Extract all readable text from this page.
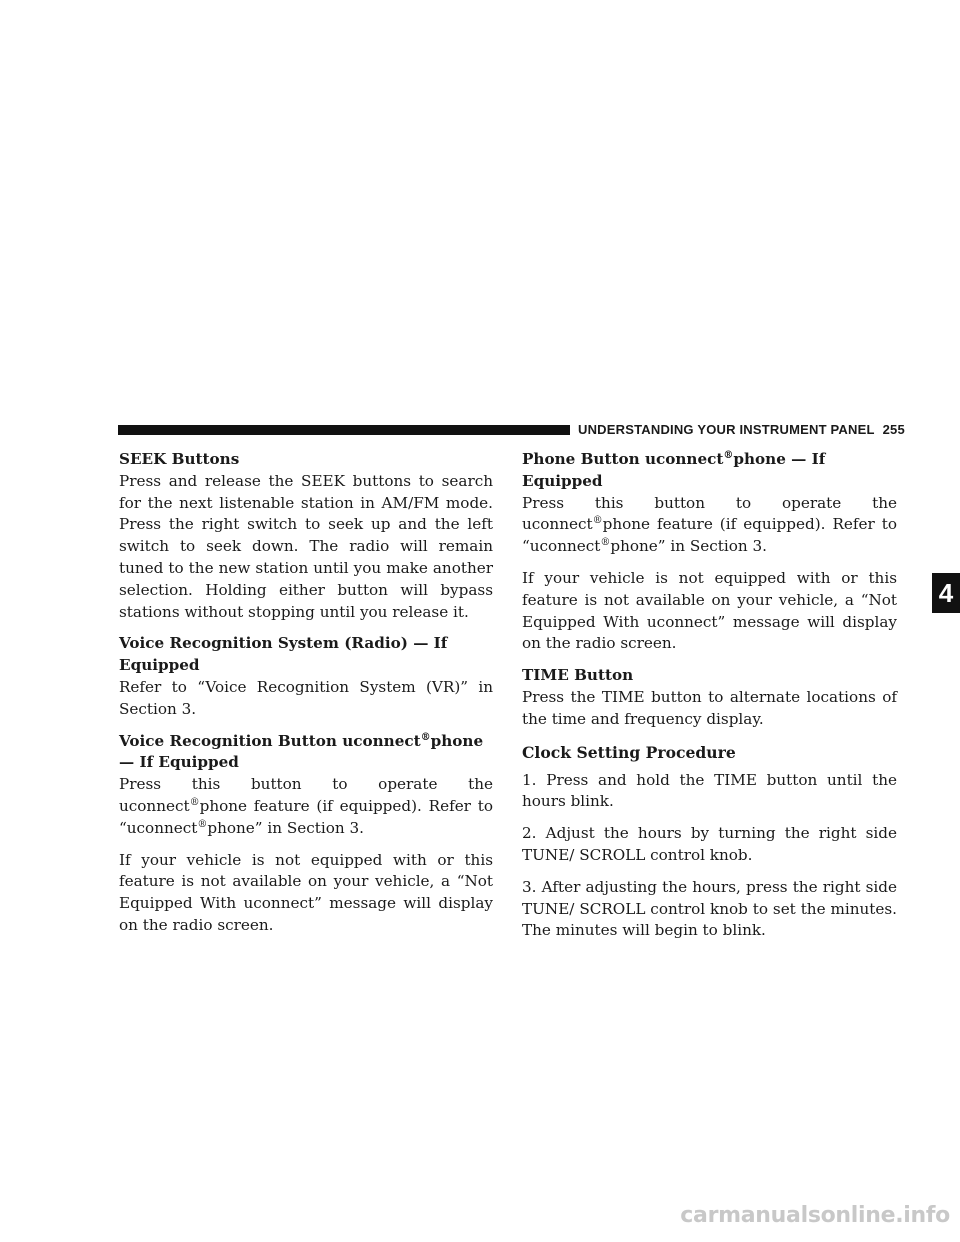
UNDERSTANDING YOUR INSTRUMENT PANEL 255
4
SEEK Buttons

Press and release the SEEK buttons to search for the next listenable station in AM/FM mode. Press the right switch to seek up and the left switch to seek down. The radio will remain tuned to the new station until you make another selection. Holding either button will bypass stations without stopping until you release it.

Voice Recognition System (Radio) — If Equipped

Refer to “Voice Recognition System (VR)” in Section 3.

Voice Recognition Button uconnect®phone — If Equipped

Press this button to operate the uconnect®phone feature (if equipped). Refer to “uconnect®phone” in Section 3.

If your vehicle is not equipped with or this feature is not available on your vehicle, a “Not Equipped With uconnect” message will display on the radio screen.

Phone Button uconnect®phone — If Equipped

Press this button to operate the uconnect®phone feature (if equipped). Refer to “uconnect®phone” in Section 3.

If your vehicle is not equipped with or this feature is not available on your vehicle, a “Not Equipped With uconnect” message will display on the radio screen.

TIME Button

Press the TIME button to alternate locations of the time and frequency display.

Clock Setting Procedure

1. Press and hold the TIME button until the hours blink.

2. Adjust the hours by turning the right side TUNE/ SCROLL control knob.

3. After adjusting the hours, press the right side TUNE/ SCROLL control knob to set the minutes. The minutes will begin to blink.

carmanualsonline.info
